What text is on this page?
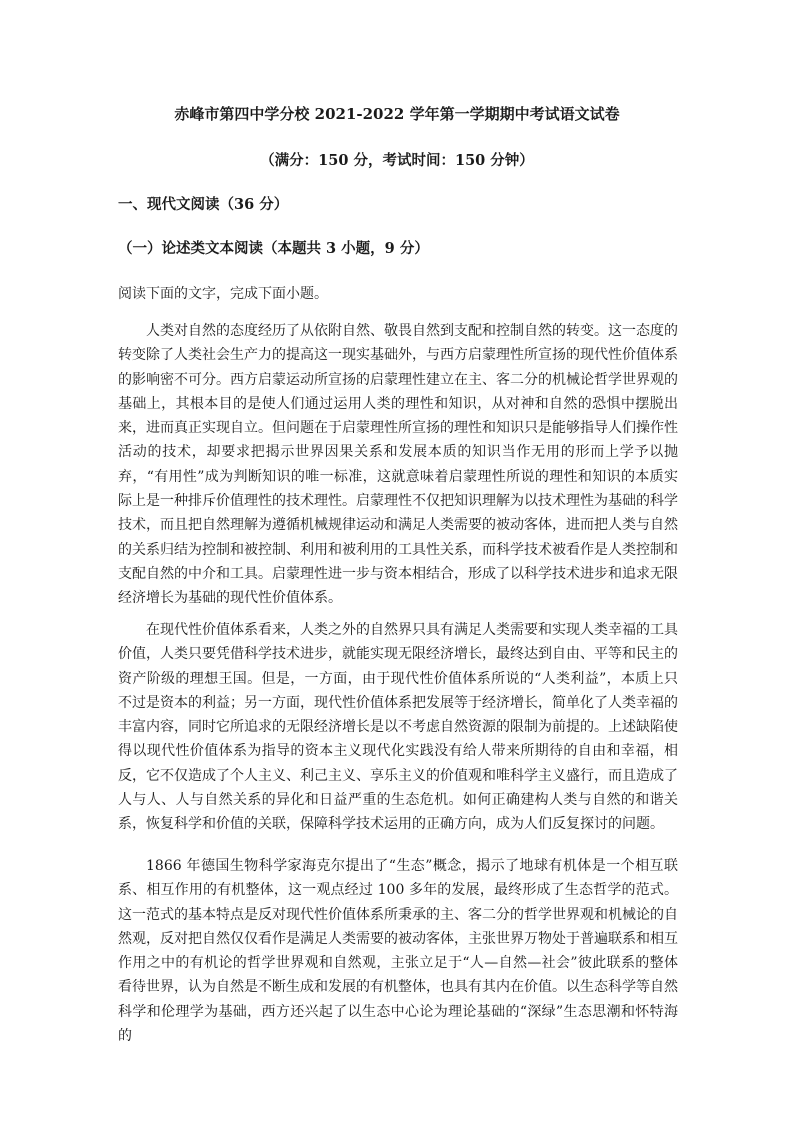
赤峰市第四中学分校 2021-2022 学年第一学期期中考试语文试卷
（满分：150 分，考试时间：150 分钟）
一、现代文阅读（36 分）
（一）论述类文本阅读（本题共 3 小题，9 分）
阅读下面的文字，完成下面小题。

人类对自然的态度经历了从依附自然、敬畏自然到支配和控制自然的转变。这一态度的转变除了人类社会生产力的提高这一现实基础外，与西方启蒙理性所宣扬的现代性价值体系的影响密不可分。西方启蒙运动所宣扬的启蒙理性建立在主、客二分的机械论哲学世界观的基础上，其根本目的是使人们通过运用人类的理性和知识，从对神和自然的恐惧中摆脱出来，进而真正实现自立。但问题在于启蒙理性所宣扬的理性和知识只是能够指导人们操作性活动的技术，却要求把揭示世界因果关系和发展本质的知识当作无用的形而上学予以抛弃，“有用性”成为判断知识的唯一标准，这就意味着启蒙理性所说的理性和知识的本质实际上是一种排斥价值理性的技术理性。启蒙理性不仅把知识理解为以技术理性为基础的科学技术，而且把自然理解为遵循机械规律运动和满足人类需要的被动客体，进而把人类与自然的关系归结为控制和被控制、利用和被利用的工具性关系，而科学技术被看作是人类控制和支配自然的中介和工具。启蒙理性进一步与资本相结合，形成了以科学技术进步和追求无限经济增长为基础的现代性价值体系。

在现代性价值体系看来，人类之外的自然界只具有满足人类需要和实现人类幸福的工具价值，人类只要凭借科学技术进步，就能实现无限经济增长，最终达到自由、平等和民主的资产阶级的理想王国。但是，一方面，由于现代性价值体系所说的“人类利益”，本质上只不过是资本的利益；另一方面，现代性价值体系把发展等于经济增长，简单化了人类幸福的丰富内容，同时它所追求的无限经济增长是以不考虑自然资源的限制为前提的。上述缺陷使得以现代性价值体系为指导的资本主义现代化实践没有给人带来所期待的自由和幸福，相反，它不仅造成了个人主义、利己主义、享乐主义的价值观和唯科学主义盛行，而且造成了人与人、人与自然关系的异化和日益严重的生态危机。如何正确建构人类与自然的和谐关系，恢复科学和价值的关联，保障科学技术运用的正确方向，成为人们反复探讨的问题。

1866 年德国生物科学家海克尔提出了“生态”概念，揭示了地球有机体是一个相互联系、相互作用的有机整体，这一观点经过 100 多年的发展，最终形成了生态哲学的范式。这一范式的基本特点是反对现代性价值体系所秉承的主、客二分的哲学世界观和机械论的自然观，反对把自然仅仅看作是满足人类需要的被动客体，主张世界万物处于普遍联系和相互作用之中的有机论的哲学世界观和自然观，主张立足于“人—自然—社会”彼此联系的整体看待世界，认为自然是不断生成和发展的有机整体，也具有其内在价值。以生态科学等自然科学和伦理学为基础，西方还兴起了以生态中心论为理论基础的“深绿”生态思潮和怀特海的
